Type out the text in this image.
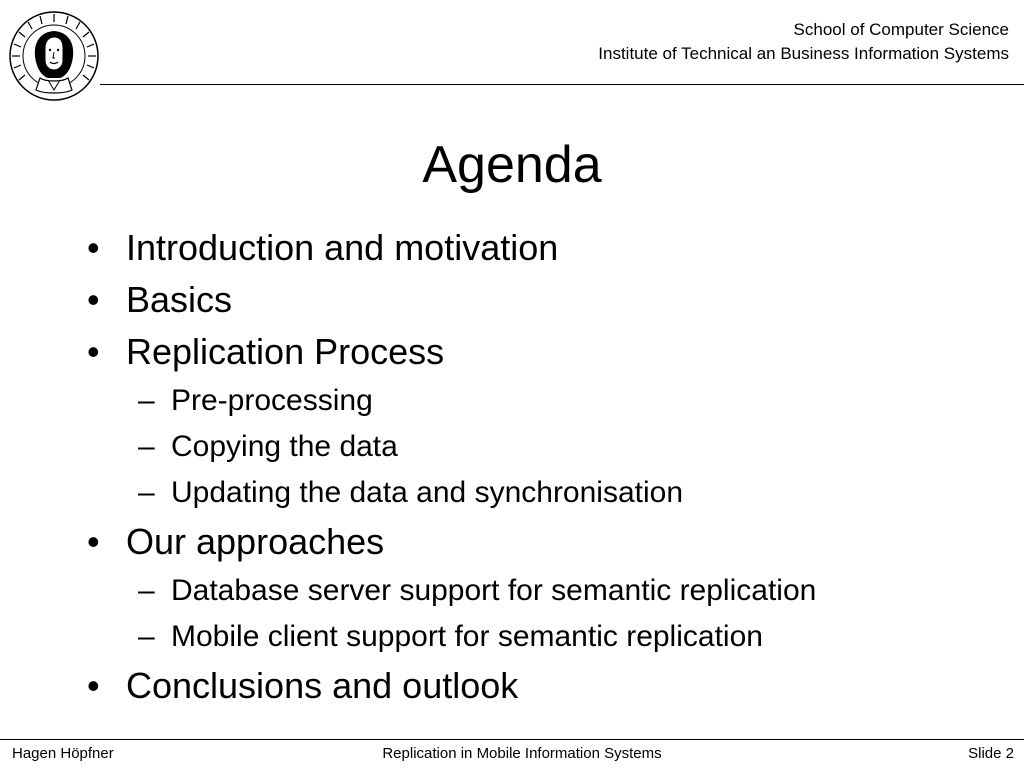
School of Computer Science
Institute of Technical an Business Information Systems
Agenda
• Introduction and motivation
• Basics
• Replication Process
– Pre-processing
– Copying the data
– Updating the data and synchronisation
• Our approaches
– Database server support for semantic replication
– Mobile client support for semantic replication
• Conclusions and outlook
Hagen Höpfner	Replication in Mobile Information Systems	Slide 2
